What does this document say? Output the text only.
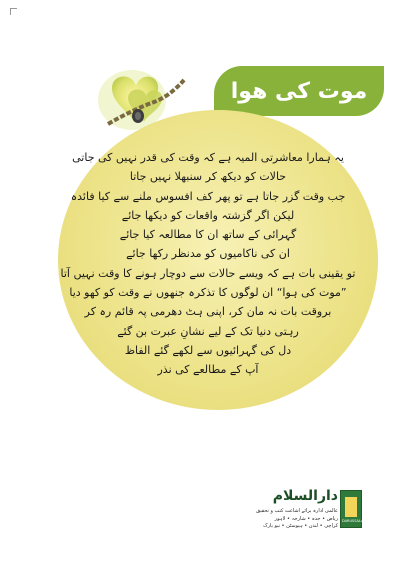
موت کی ھوا
یہ ہمارا معاشرتی المیہ ہے کہ وقت کی قدر نہیں کی جاتی
حالات کو دیکھ کر سنبھلا نہیں جاتا
جب وقت گزر جاتا ہے تو پھر کف افسوس ملنے سے کیا فائدہ
لیکن اگر گزشتہ واقعات کو دیکھا جائے
گہرائی کے ساتھ ان کا مطالعہ کیا جائے
ان کی ناکامیوں کو مدنظر رکھا جائے
تو یقینی بات ہے کہ ویسے حالات سے دوچار ہونے کا وقت نہیں آتا
”موت کی ہوا“ ان لوگوں کا تذکرہ جنھوں نے وقت کو کھو دیا
بروقت بات نہ مان کر، اپنی ہٹ دھرمی پہ قائم رہ کر
رہتی دنیا تک کے لیے نشانِ عبرت بن گئے
دل کی گہرائیوں سے لکھے گئے الفاظ
آپ کے مطالعے کی نذر
دارالسلام
عالمی ادارہ برائے اشاعت کتب و تحقیق
ریاض • جدہ • شارجہ • لاہور
کراچی • لندن • ہیوسٹن • نیو یارک
DARUSSALAM
